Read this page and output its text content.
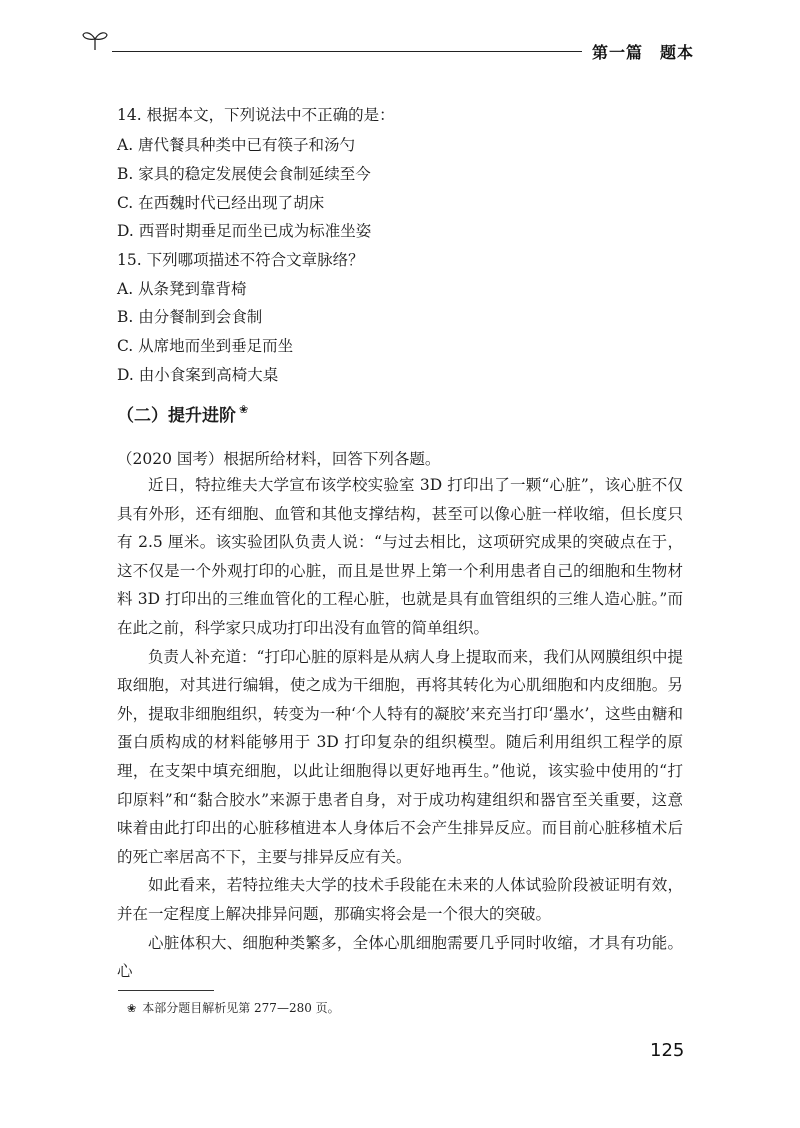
第一篇　题本
14. 根据本文，下列说法中不正确的是：
A. 唐代餐具种类中已有筷子和汤勺
B. 家具的稳定发展使会食制延续至今
C. 在西魏时代已经出现了胡床
D. 西晋时期垂足而坐已成为标准坐姿
15. 下列哪项描述不符合文章脉络？
A. 从条凳到靠背椅
B. 由分餐制到会食制
C. 从席地而坐到垂足而坐
D. 由小食案到高椅大桌
（二）提升进阶 ❀
（2020 国考）根据所给材料，回答下列各题。

近日，特拉维夫大学宣布该学校实验室 3D 打印出了一颗“心脏”，该心脏不仅具有外形，还有细胞、血管和其他支撑结构，甚至可以像心脏一样收缩，但长度只有 2.5 厘米。该实验团队负责人说：“与过去相比，这项研究成果的突破点在于，这不仅是一个外观打印的心脏，而且是世界上第一个利用患者自己的细胞和生物材料 3D 打印出的三维血管化的工程心脏，也就是具有血管组织的三维人造心脏。”而在此之前，科学家只成功打印出没有血管的简单组织。

负责人补充道：“打印心脏的原料是从病人身上提取而来，我们从网膜组织中提取细胞，对其进行编辑，使之成为干细胞，再将其转化为心肌细胞和内皮细胞。另外，提取非细胞组织，转变为一种‘个人特有的凝胶’来充当打印‘墨水’，这些由糖和蛋白质构成的材料能够用于 3D 打印复杂的组织模型。随后利用组织工程学的原理，在支架中填充细胞，以此让细胞得以更好地再生。”他说，该实验中使用的“打印原料”和“黏合胶水”来源于患者自身，对于成功构建组织和器官至关重要，这意味着由此打印出的心脏移植进本人身体后不会产生排异反应。而目前心脏移植术后的死亡率居高不下，主要与排异反应有关。

如此看来，若特拉维夫大学的技术手段能在未来的人体试验阶段被证明有效，并在一定程度上解决排异问题，那确实将会是一个很大的突破。

心脏体积大、细胞种类繁多，全体心肌细胞需要几乎同时收缩，才具有功能。心

❀ 本部分题目解析见第 277—280 页。
125
